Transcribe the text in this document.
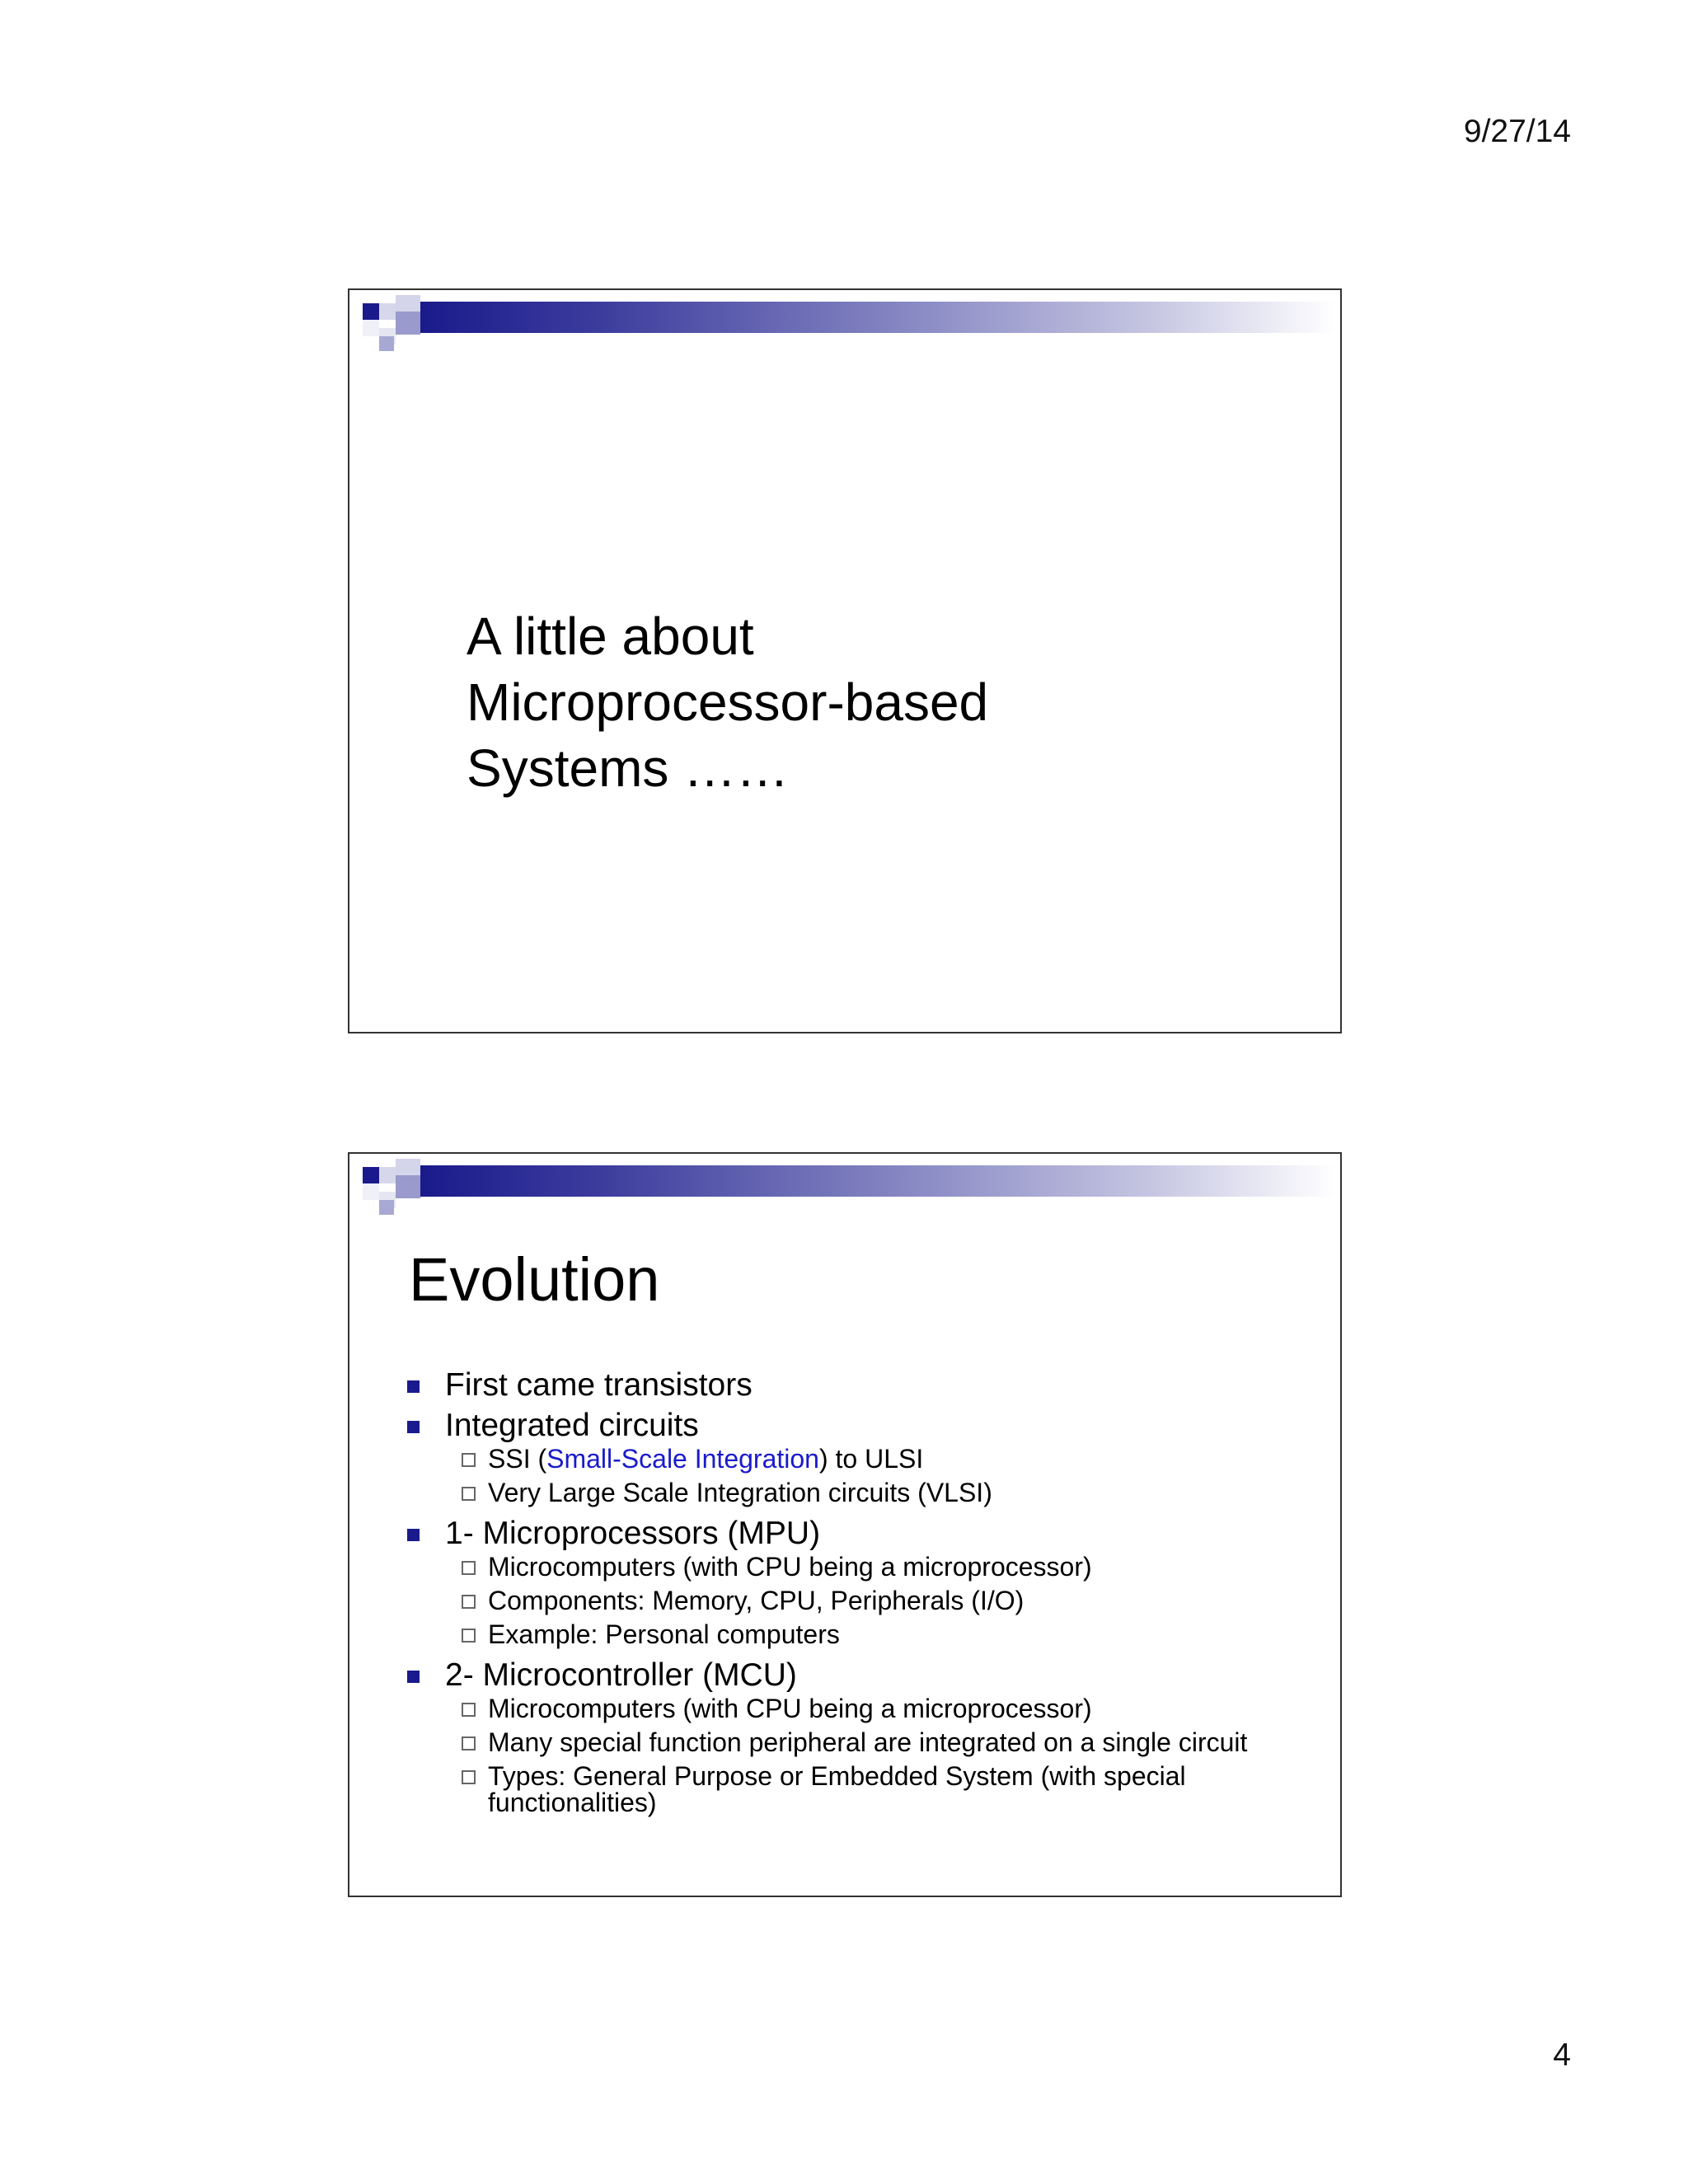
9/27/14
A little about
Microprocessor-based
Systems ……
Evolution
First came transistors
Integrated circuits
SSI (Small-Scale Integration) to ULSI
Very Large Scale Integration circuits (VLSI)
1- Microprocessors (MPU)
Microcomputers (with CPU being a microprocessor)
Components: Memory, CPU, Peripherals (I/O)
Example: Personal computers
2- Microcontroller (MCU)
Microcomputers (with CPU being a microprocessor)
Many special function peripheral are integrated on a single circuit
Types: General Purpose or Embedded System (with special functionalities)
4
